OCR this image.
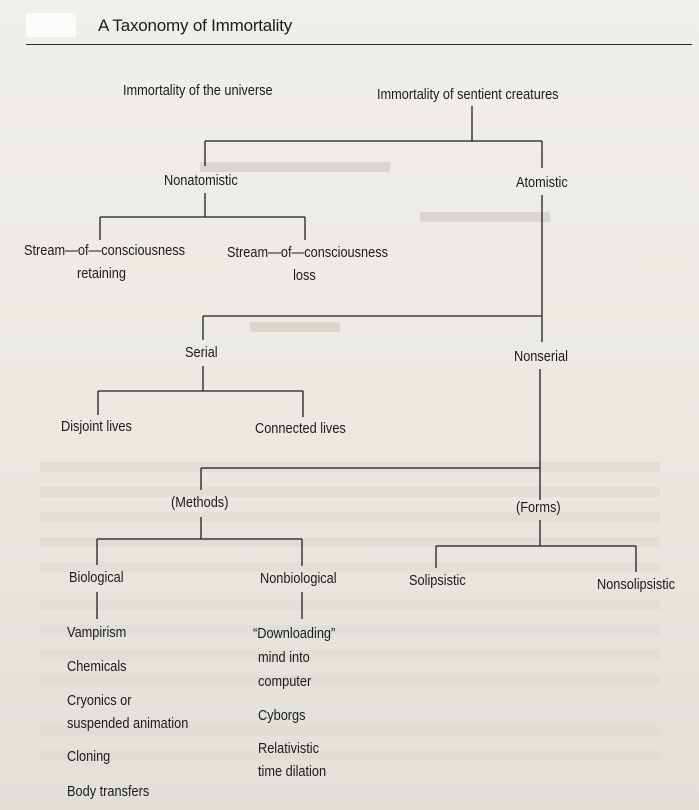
A Taxonomy of Immortality
Immortality of the universe	Immortality of sentient creatures
Nonatomistic	Atomistic
Stream—of—consciousness
retaining
Stream—of—consciousness
loss
Serial	Nonserial
Disjoint lives	Connected lives
(Methods)	(Forms)
Biological	Nonbiological	Solipsistic	Nonsolipsistic
Vampirism
Chemicals
Cryonics or
suspended animation
Cloning
Body transfers
“Downloading”
mind into
computer
Cyborgs
Relativistic
time dilation
